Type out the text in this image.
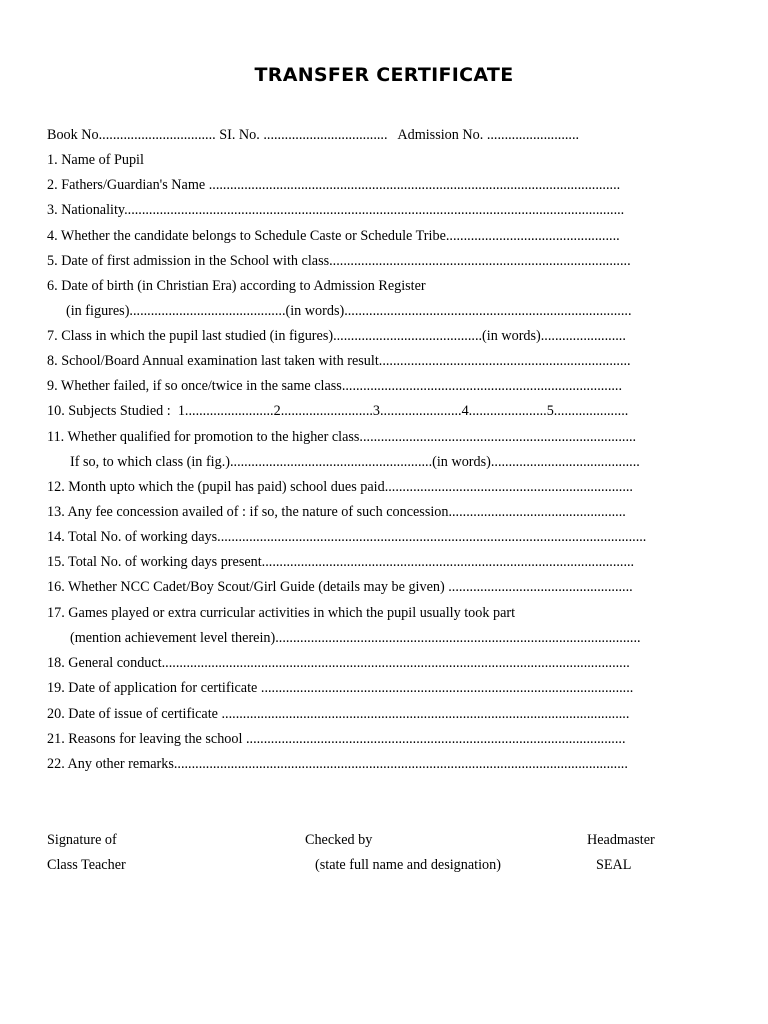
TRANSFER CERTIFICATE
Book No................................. SI. No. ...................................   Admission No. ..........................
1. Name of Pupil
2. Fathers/Guardian's Name ....................................................................................................................
3. Nationality.............................................................................................................................................
4. Whether the candidate belongs to Schedule Caste or Schedule Tribe.................................................
5. Date of first admission in the School with class.....................................................................................
6. Date of birth (in Christian Era) according to Admission Register
(in figures)............................................(in words).................................................................................
7. Class in which the pupil last studied (in figures)..........................................(in words)........................
8. School/Board Annual examination last taken with result.......................................................................
9. Whether failed, if so once/twice in the same class...............................................................................
10. Subjects Studied :  1.........................2..........................3.......................4......................5.....................
11. Whether qualified for promotion to the higher class..............................................................................
If so, to which class (in fig.).........................................................(in words)..........................................
12. Month upto which the (pupil has paid) school dues paid......................................................................
13. Any fee concession availed of : if so, the nature of such concession..................................................
14. Total No. of working days.........................................................................................................................
15. Total No. of working days present.........................................................................................................
16. Whether NCC Cadet/Boy Scout/Girl Guide (details may be given) ....................................................
17. Games played or extra curricular activities in which the pupil usually took part
(mention achievement level therein).......................................................................................................
18. General conduct....................................................................................................................................
19. Date of application for certificate .........................................................................................................
20. Date of issue of certificate ...................................................................................................................
21. Reasons for leaving the school ...........................................................................................................
22. Any other remarks................................................................................................................................
Signature of
Class Teacher
Checked by
(state full name and designation)
Headmaster
SEAL
